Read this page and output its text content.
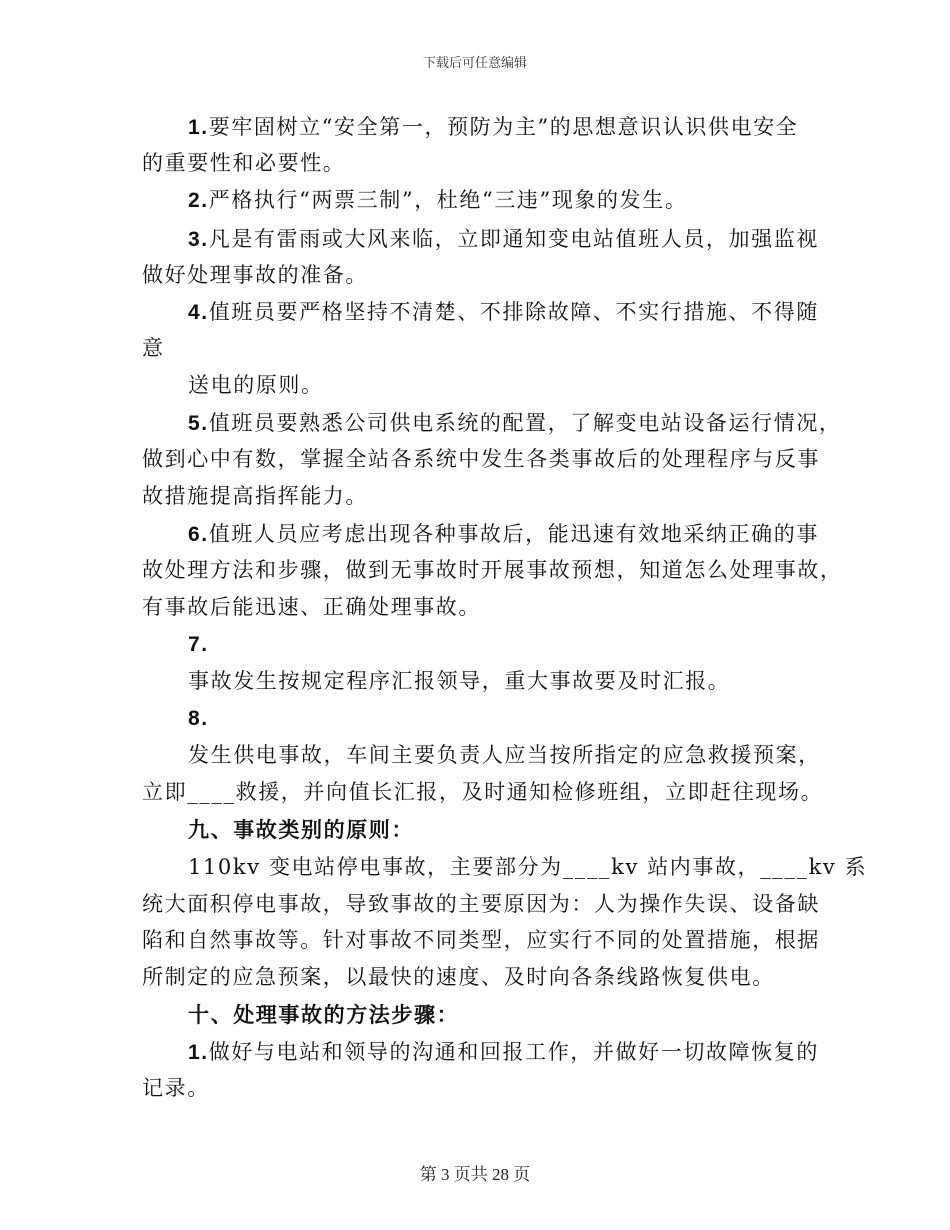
下载后可任意编辑
1.要牢固树立“安全第一，预防为主”的思想意识认识供电安全
的重要性和必要性。
2.严格执行“两票三制”，杜绝“三违”现象的发生。
3.凡是有雷雨或大风来临，立即通知变电站值班人员，加强监视
做好处理事故的准备。
4.值班员要严格坚持不清楚、不排除故障、不实行措施、不得随
意
送电的原则。
5.值班员要熟悉公司供电系统的配置，了解变电站设备运行情况，
做到心中有数，掌握全站各系统中发生各类事故后的处理程序与反事
故措施提高指挥能力。
6.值班人员应考虑出现各种事故后，能迅速有效地采纳正确的事
故处理方法和步骤，做到无事故时开展事故预想，知道怎么处理事故，
有事故后能迅速、正确处理事故。
7.
事故发生按规定程序汇报领导，重大事故要及时汇报。
8.
发生供电事故，车间主要负责人应当按所指定的应急救援预案，
立即____救援，并向值长汇报，及时通知检修班组，立即赶往现场。
九、事故类别的原则：
110kv 变电站停电事故，主要部分为____kv 站内事故，____kv 系
统大面积停电事故，导致事故的主要原因为：人为操作失误、设备缺
陷和自然事故等。针对事故不同类型，应实行不同的处置措施，根据
所制定的应急预案，以最快的速度、及时向各条线路恢复供电。
十、处理事故的方法步骤：
1.做好与电站和领导的沟通和回报工作，并做好一切故障恢复的
记录。
第 3 页共 28 页
